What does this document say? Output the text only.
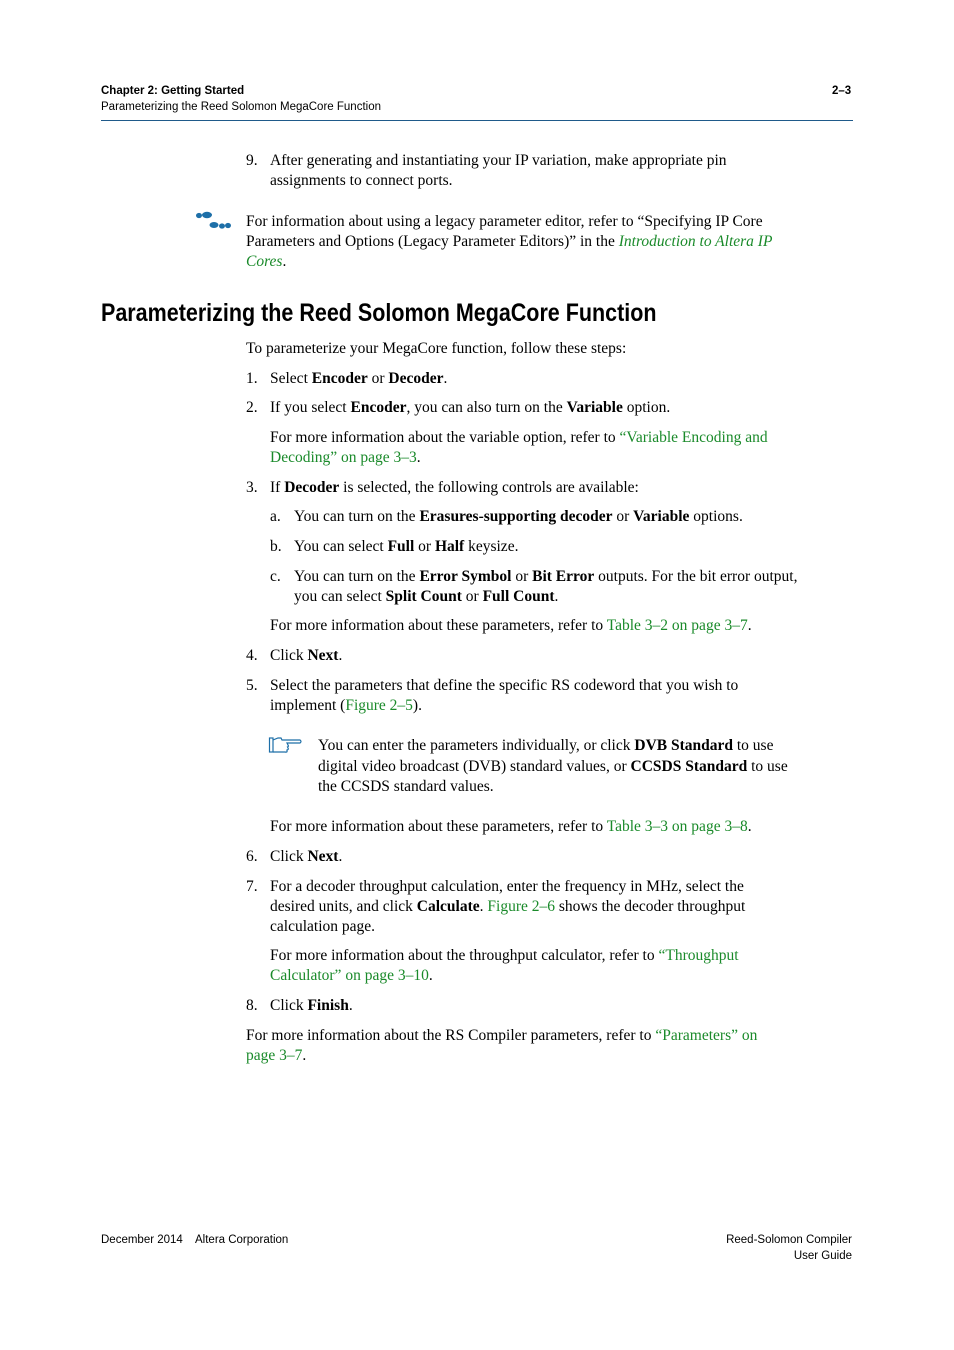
Chapter 2: Getting Started
Parameterizing the Reed Solomon MegaCore Function
2–3
9. After generating and instantiating your IP variation, make appropriate pin
assignments to connect ports.
For information about using a legacy parameter editor, refer to “Specifying IP Core
Parameters and Options (Legacy Parameter Editors)” in the Introduction to Altera IP
Cores.
Parameterizing the Reed Solomon MegaCore Function
To parameterize your MegaCore function, follow these steps:
1. Select Encoder or Decoder.
2. If you select Encoder, you can also turn on the Variable option.
For more information about the variable option, refer to “Variable Encoding and
Decoding” on page 3–3.
3. If Decoder is selected, the following controls are available:
a. You can turn on the Erasures-supporting decoder or Variable options.
b. You can select Full or Half keysize.
c. You can turn on the Error Symbol or Bit Error outputs. For the bit error output,
you can select Split Count or Full Count.
For more information about these parameters, refer to Table 3–2 on page 3–7.
4. Click Next.
5. Select the parameters that define the specific RS codeword that you wish to
implement (Figure 2–5).
You can enter the parameters individually, or click DVB Standard to use
digital video broadcast (DVB) standard values, or CCSDS Standard to use
the CCSDS standard values.
For more information about these parameters, refer to Table 3–3 on page 3–8.
6. Click Next.
7. For a decoder throughput calculation, enter the frequency in MHz, select the
desired units, and click Calculate. Figure 2–6 shows the decoder throughput
calculation page.
For more information about the throughput calculator, refer to “Throughput
Calculator” on page 3–10.
8. Click Finish.
For more information about the RS Compiler parameters, refer to “Parameters” on
page 3–7.
December 2014 Altera Corporation	Reed-Solomon Compiler
User Guide
